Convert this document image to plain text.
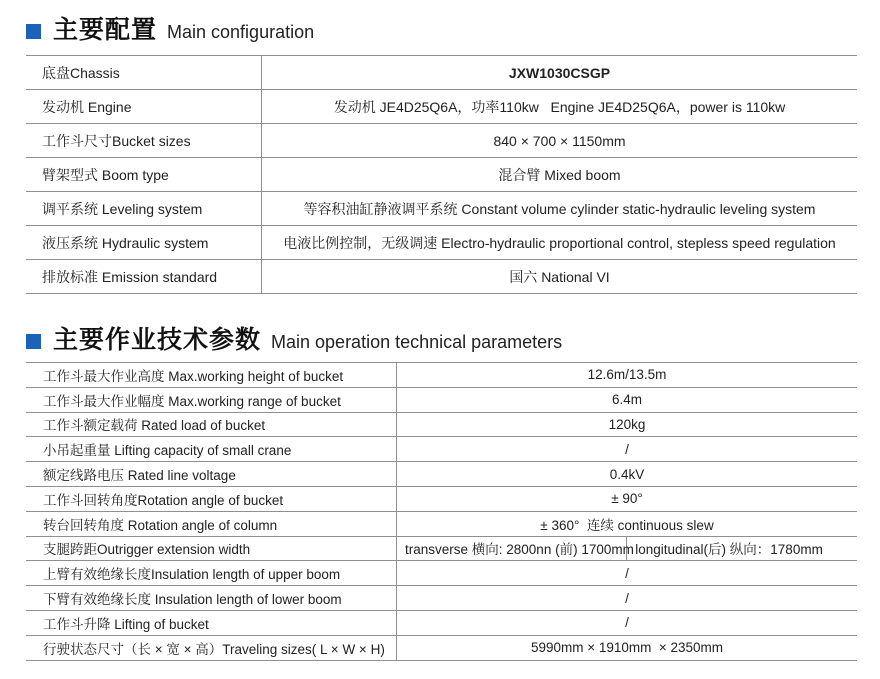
主要配置 Main configuration
底盘Chassis	JXW1030CSGP
发动机 Engine	发动机 JE4D25Q6A，功率110kw   Engine JE4D25Q6A，power is 110kw
工作斗尺寸Bucket sizes	840 × 700 × 1150mm
臂架型式 Boom type	混合臂 Mixed boom
调平系统 Leveling system	等容积油缸静液调平系统 Constant volume cylinder static-hydraulic leveling system
液压系统 Hydraulic system	电液比例控制，无级调速 Electro-hydraulic proportional control, stepless speed regulation
排放标准 Emission standard	国六 National VI
主要作业技术参数 Main operation technical parameters
工作斗最大作业高度 Max.working height of bucket	12.6m/13.5m	
工作斗最大作业幅度 Max.working range of bucket	6.4m	
工作斗额定载荷 Rated load of bucket	120kg	
小吊起重量 Lifting capacity of small crane	/	
额定线路电压 Rated line voltage	0.4kV	
工作斗回转角度Rotation angle of bucket	± 90°	
转台回转角度 Rotation angle of column	± 360°  连续 continuous slew	
支腿跨距Outrigger extension width	transverse 横向: 2800nn (前) 1700mm	longitudinal(后) 纵向：1780mm
上臂有效绝缘长度Insulation length of upper boom	/	
下臂有效绝缘长度 Insulation length of lower boom	/	
工作斗升降 Lifting of bucket	/	
行驶状态尺寸（长 × 宽 × 高）Traveling sizes( L × W × H)	5990mm × 1910mm  × 2350mm	
